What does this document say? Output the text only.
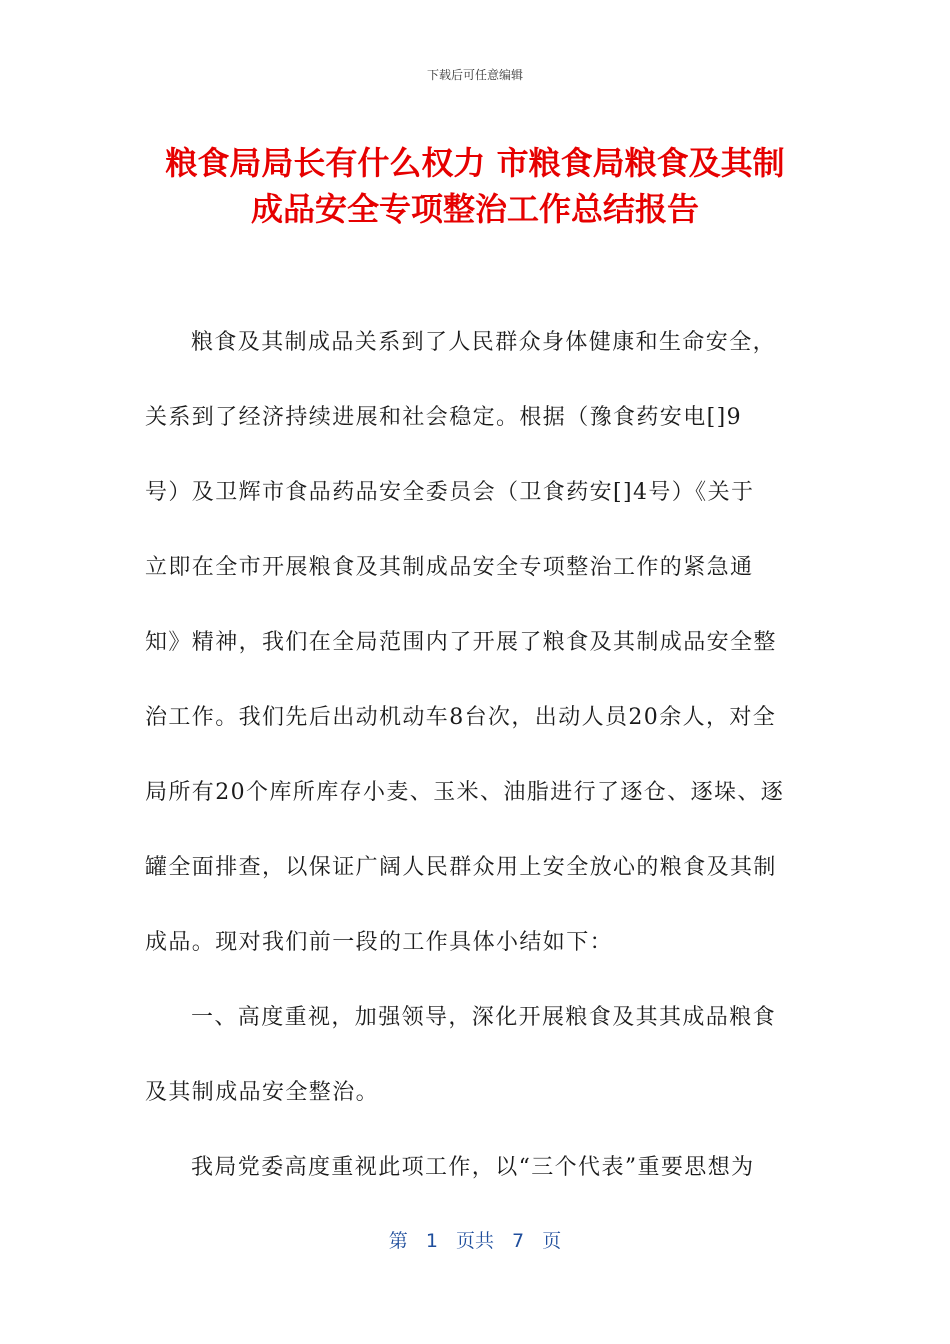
下载后可任意编辑
粮食局局长有什么权力 市粮食局粮食及其制
成品安全专项整治工作总结报告
粮食及其制成品关系到了人民群众身体健康和生命安全，
关系到了经济持续进展和社会稳定。根据（豫食药安电[]9
号）及卫辉市食品药品安全委员会（卫食药安[]4号）《关于
立即在全市开展粮食及其制成品安全专项整治工作的紧急通
知》精神，我们在全局范围内了开展了粮食及其制成品安全整
治工作。我们先后出动机动车8台次，出动人员20余人，对全
局所有20个库所库存小麦、玉米、油脂进行了逐仓、逐垛、逐
罐全面排查，以保证广阔人民群众用上安全放心的粮食及其制
成品。现对我们前一段的工作具体小结如下：
一、高度重视，加强领导，深化开展粮食及其其成品粮食
及其制成品安全整治。
我局党委高度重视此项工作，以“三个代表”重要思想为
第 1 页共 7 页
